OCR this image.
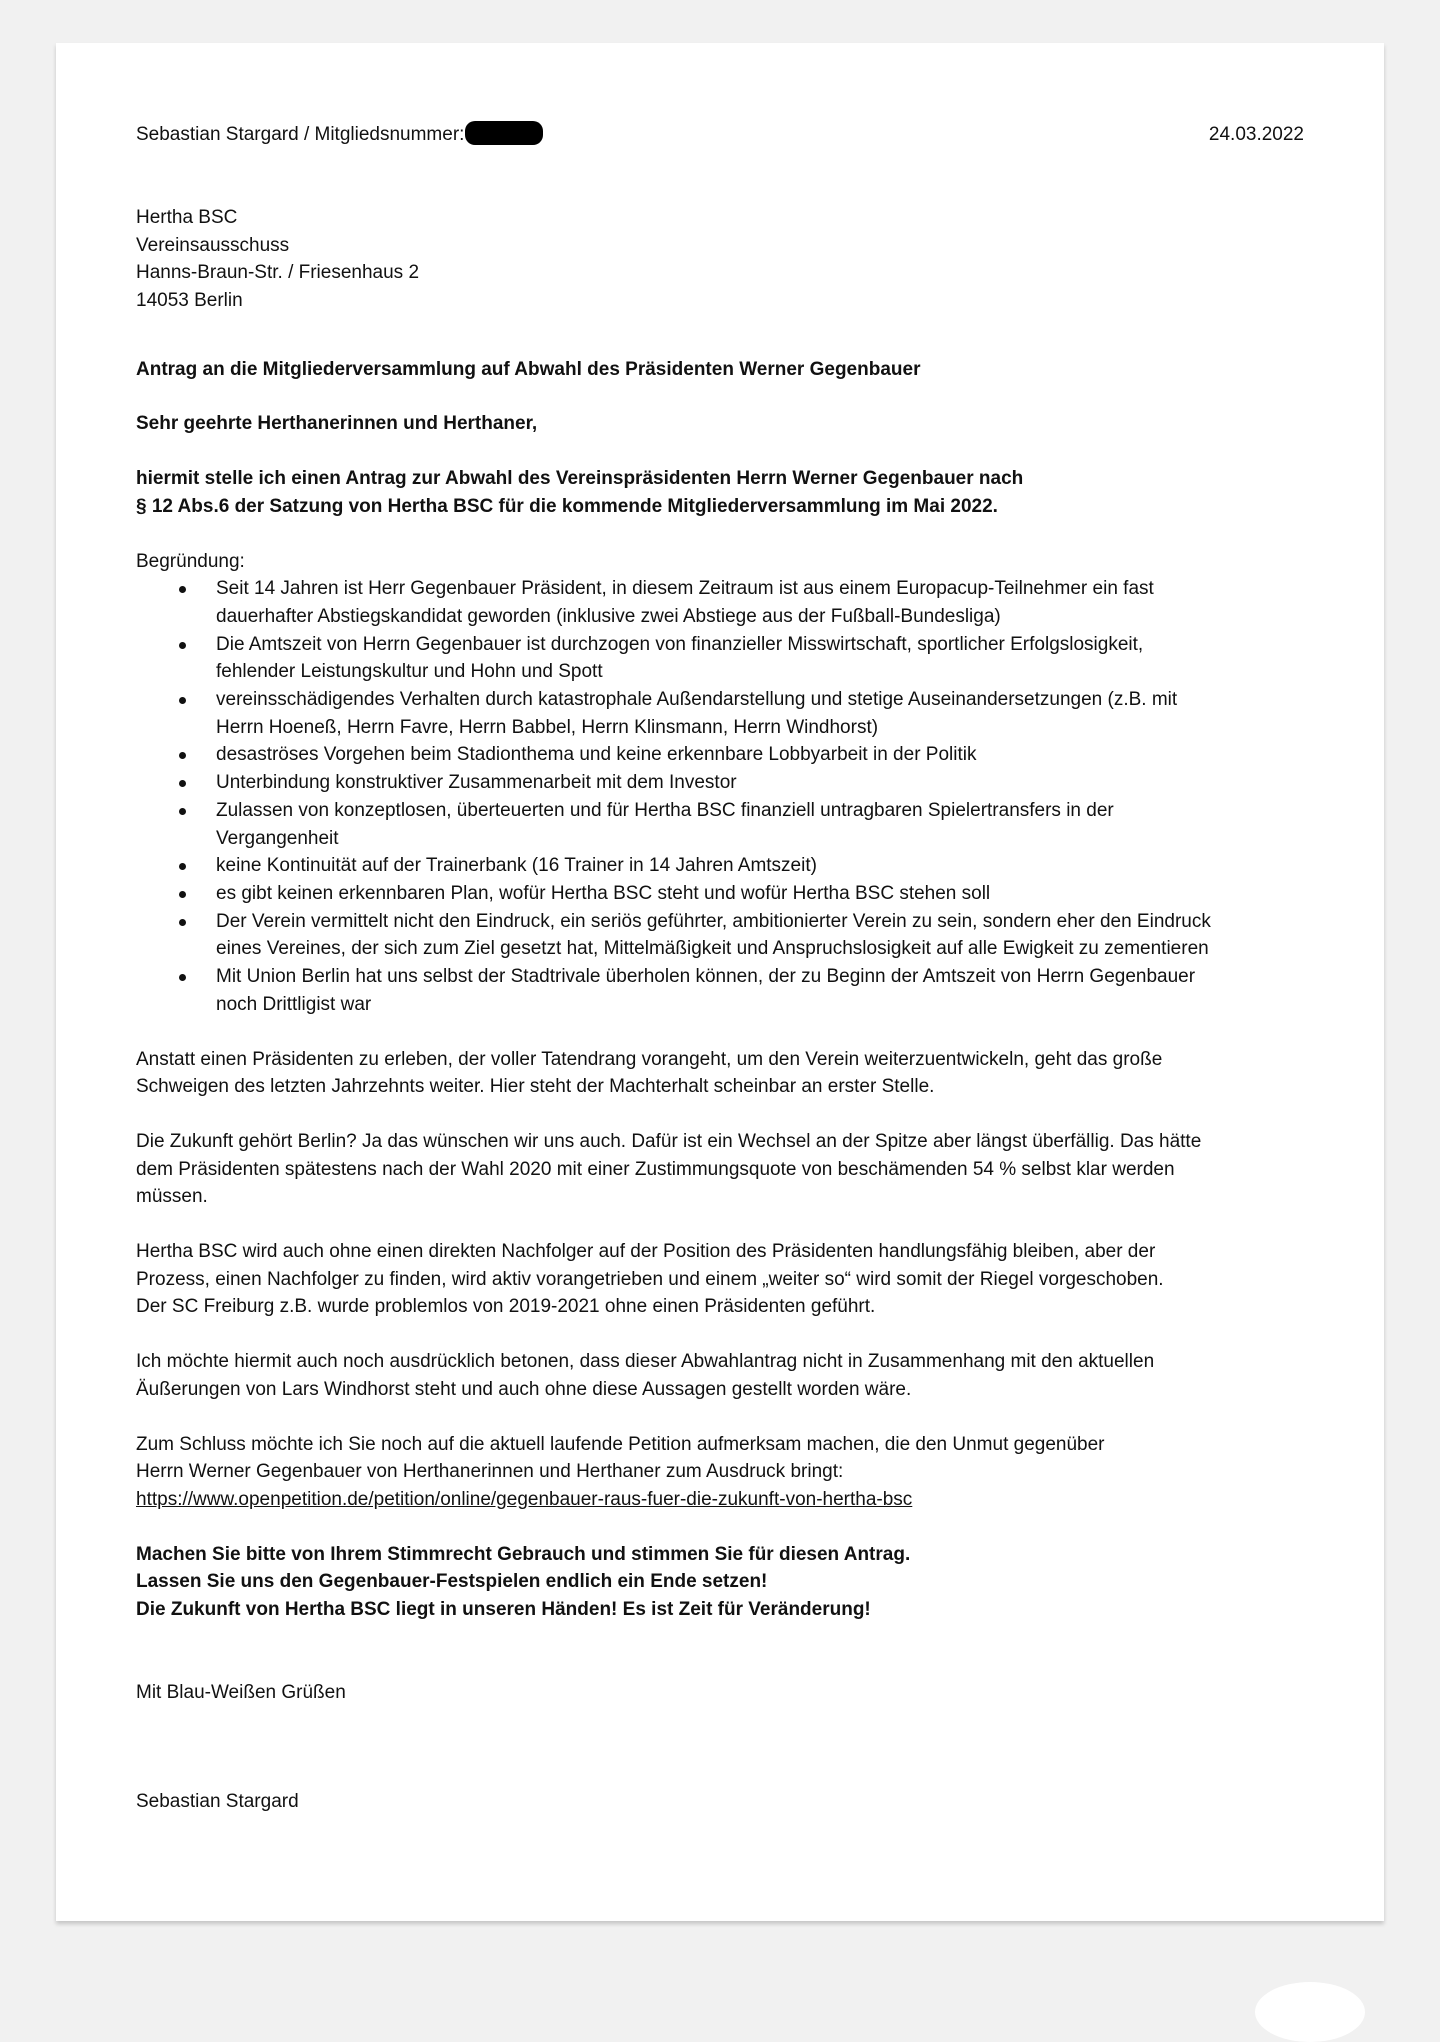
Sebastian Stargard / Mitgliedsnummer:	24.03.2022
Hertha BSC
Vereinsausschuss
Hanns-Braun-Str. / Friesenhaus 2
14053 Berlin
Antrag an die Mitgliederversammlung auf Abwahl des Präsidenten Werner Gegenbauer
Sehr geehrte Herthanerinnen und Herthaner,
hiermit stelle ich einen Antrag zur Abwahl des Vereinspräsidenten Herrn Werner Gegenbauer nach
§ 12 Abs.6 der Satzung von Hertha BSC für die kommende Mitgliederversammlung im Mai 2022.
Begründung:
Seit 14 Jahren ist Herr Gegenbauer Präsident, in diesem Zeitraum ist aus einem Europacup-Teilnehmer ein fast
dauerhafter Abstiegskandidat geworden (inklusive zwei Abstiege aus der Fußball-Bundesliga)
Die Amtszeit von Herrn Gegenbauer ist durchzogen von finanzieller Misswirtschaft, sportlicher Erfolgslosigkeit,
fehlender Leistungskultur und Hohn und Spott
vereinsschädigendes Verhalten durch katastrophale Außendarstellung und stetige Auseinandersetzungen (z.B. mit
Herrn Hoeneß, Herrn Favre, Herrn Babbel, Herrn Klinsmann, Herrn Windhorst)
desaströses Vorgehen beim Stadionthema und keine erkennbare Lobbyarbeit in der Politik
Unterbindung konstruktiver Zusammenarbeit mit dem Investor
Zulassen von konzeptlosen, überteuerten und für Hertha BSC finanziell untragbaren Spielertransfers in der
Vergangenheit
keine Kontinuität auf der Trainerbank (16 Trainer in 14 Jahren Amtszeit)
es gibt keinen erkennbaren Plan, wofür Hertha BSC steht und wofür Hertha BSC stehen soll
Der Verein vermittelt nicht den Eindruck, ein seriös geführter, ambitionierter Verein zu sein, sondern eher den Eindruck
eines Vereines, der sich zum Ziel gesetzt hat, Mittelmäßigkeit und Anspruchslosigkeit auf alle Ewigkeit zu zementieren
Mit Union Berlin hat uns selbst der Stadtrivale überholen können, der zu Beginn der Amtszeit von Herrn Gegenbauer
noch Drittligist war
Anstatt einen Präsidenten zu erleben, der voller Tatendrang vorangeht, um den Verein weiterzuentwickeln, geht das große
Schweigen des letzten Jahrzehnts weiter. Hier steht der Machterhalt scheinbar an erster Stelle.
Die Zukunft gehört Berlin? Ja das wünschen wir uns auch. Dafür ist ein Wechsel an der Spitze aber längst überfällig. Das hätte
dem Präsidenten spätestens nach der Wahl 2020 mit einer Zustimmungsquote von beschämenden 54 % selbst klar werden
müssen.
Hertha BSC wird auch ohne einen direkten Nachfolger auf der Position des Präsidenten handlungsfähig bleiben, aber der
Prozess, einen Nachfolger zu finden, wird aktiv vorangetrieben und einem „weiter so“ wird somit der Riegel vorgeschoben.
Der SC Freiburg z.B. wurde problemlos von 2019-2021 ohne einen Präsidenten geführt.
Ich möchte hiermit auch noch ausdrücklich betonen, dass dieser Abwahlantrag nicht in Zusammenhang mit den aktuellen
Äußerungen von Lars Windhorst steht und auch ohne diese Aussagen gestellt worden wäre.
Zum Schluss möchte ich Sie noch auf die aktuell laufende Petition aufmerksam machen, die den Unmut gegenüber
Herrn Werner Gegenbauer von Herthanerinnen und Herthaner zum Ausdruck bringt:
https://www.openpetition.de/petition/online/gegenbauer-raus-fuer-die-zukunft-von-hertha-bsc
Machen Sie bitte von Ihrem Stimmrecht Gebrauch und stimmen Sie für diesen Antrag.
Lassen Sie uns den Gegenbauer-Festspielen endlich ein Ende setzen!
Die Zukunft von Hertha BSC liegt in unseren Händen! Es ist Zeit für Veränderung!
Mit Blau-Weißen Grüßen
Sebastian Stargard
